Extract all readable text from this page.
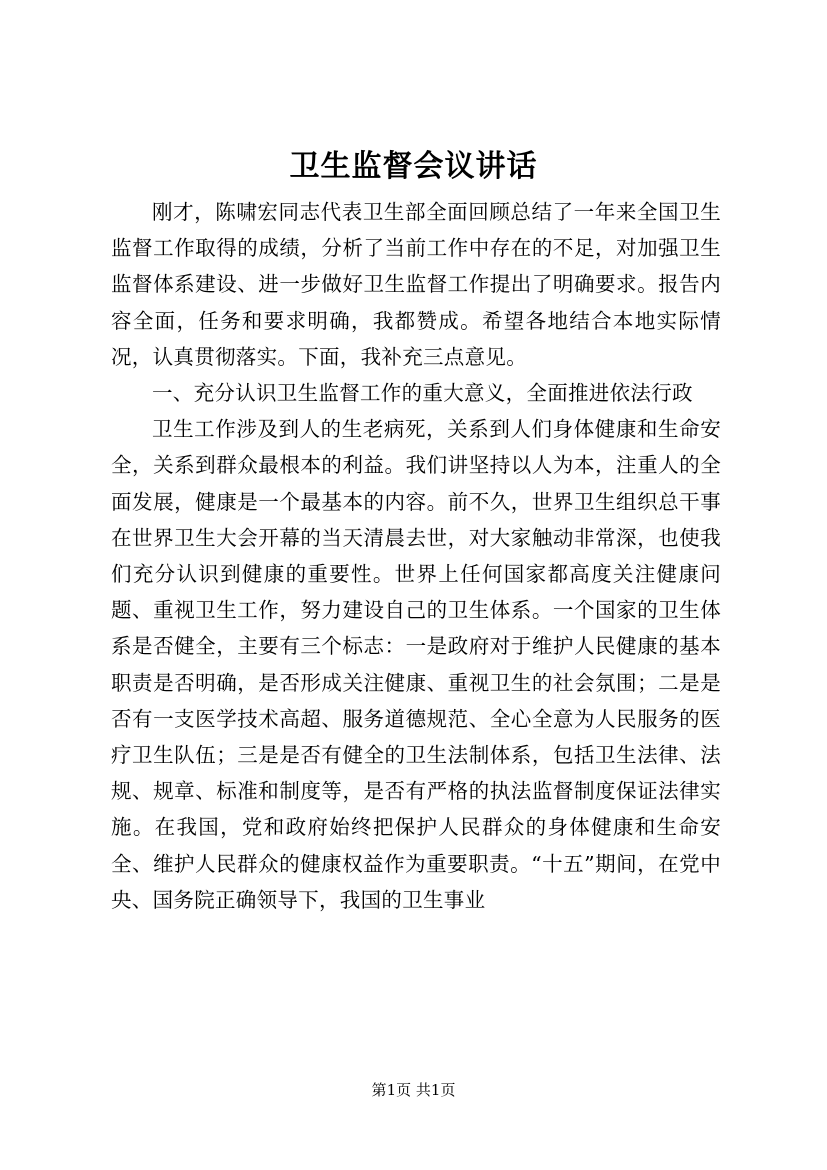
卫生监督会议讲话

刚才，陈啸宏同志代表卫生部全面回顾总结了一年来全国卫生监督工作取得的成绩，分析了当前工作中存在的不足，对加强卫生监督体系建设、进一步做好卫生监督工作提出了明确要求。报告内容全面，任务和要求明确，我都赞成。希望各地结合本地实际情况，认真贯彻落实。下面，我补充三点意见。

一、充分认识卫生监督工作的重大意义，全面推进依法行政

卫生工作涉及到人的生老病死，关系到人们身体健康和生命安全，关系到群众最根本的利益。我们讲坚持以人为本，注重人的全面发展，健康是一个最基本的内容。前不久，世界卫生组织总干事在世界卫生大会开幕的当天清晨去世，对大家触动非常深，也使我们充分认识到健康的重要性。世界上任何国家都高度关注健康问题、重视卫生工作，努力建设自己的卫生体系。一个国家的卫生体系是否健全，主要有三个标志：一是政府对于维护人民健康的基本职责是否明确，是否形成关注健康、重视卫生的社会氛围；二是是否有一支医学技术高超、服务道德规范、全心全意为人民服务的医疗卫生队伍；三是是否有健全的卫生法制体系，包括卫生法律、法规、规章、标准和制度等，是否有严格的执法监督制度保证法律实施。在我国，党和政府始终把保护人民群众的身体健康和生命安全、维护人民群众的健康权益作为重要职责。“十五”期间，在党中央、国务院正确领导下，我国的卫生事业

第1页 共1页
